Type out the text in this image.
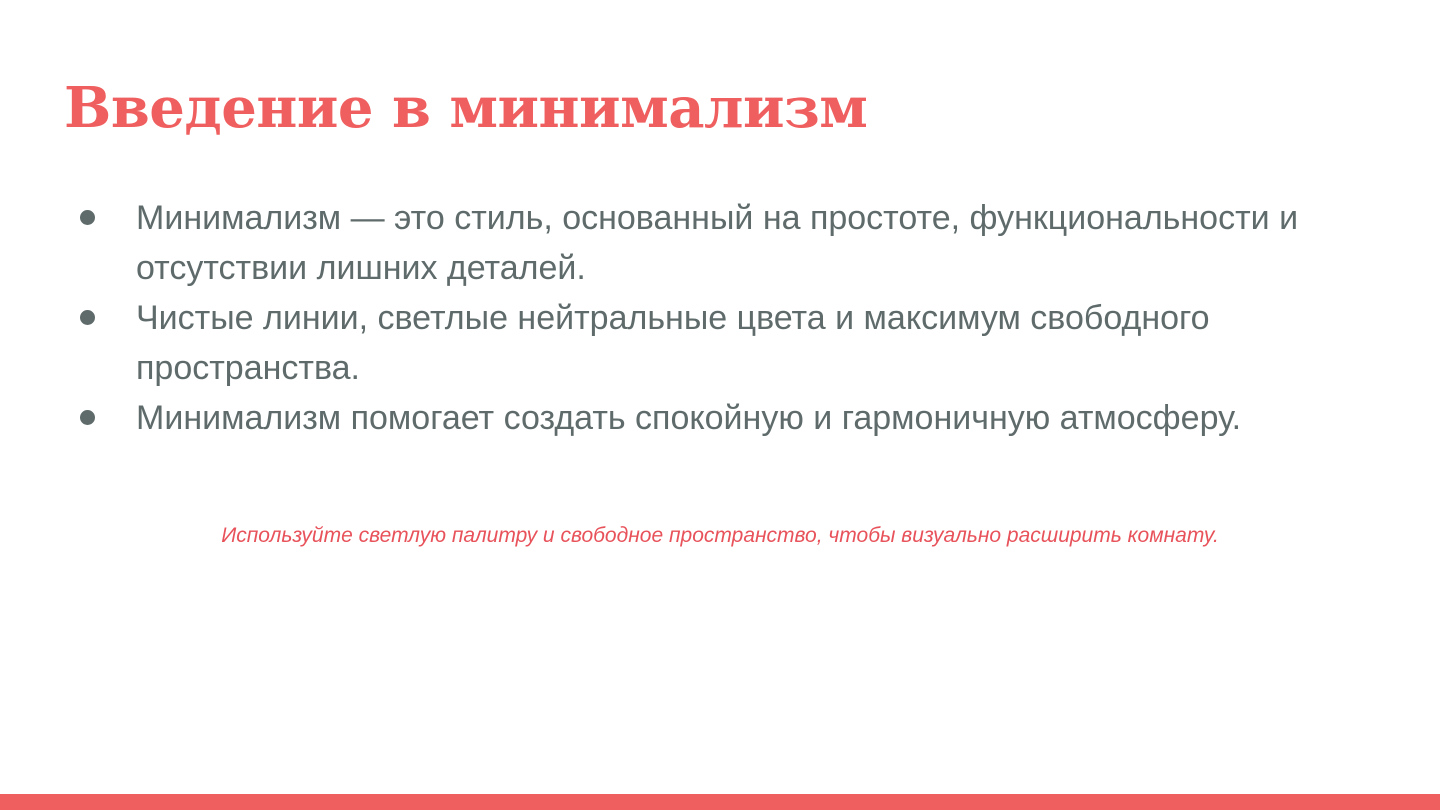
Введение в минимализм
Минимализм — это стиль, основанный на простоте, функциональности и отсутствии лишних деталей.
Чистые линии, светлые нейтральные цвета и максимум свободного пространства.
Минимализм помогает создать спокойную и гармоничную атмосферу.

Используйте светлую палитру и свободное пространство, чтобы визуально расширить комнату.
